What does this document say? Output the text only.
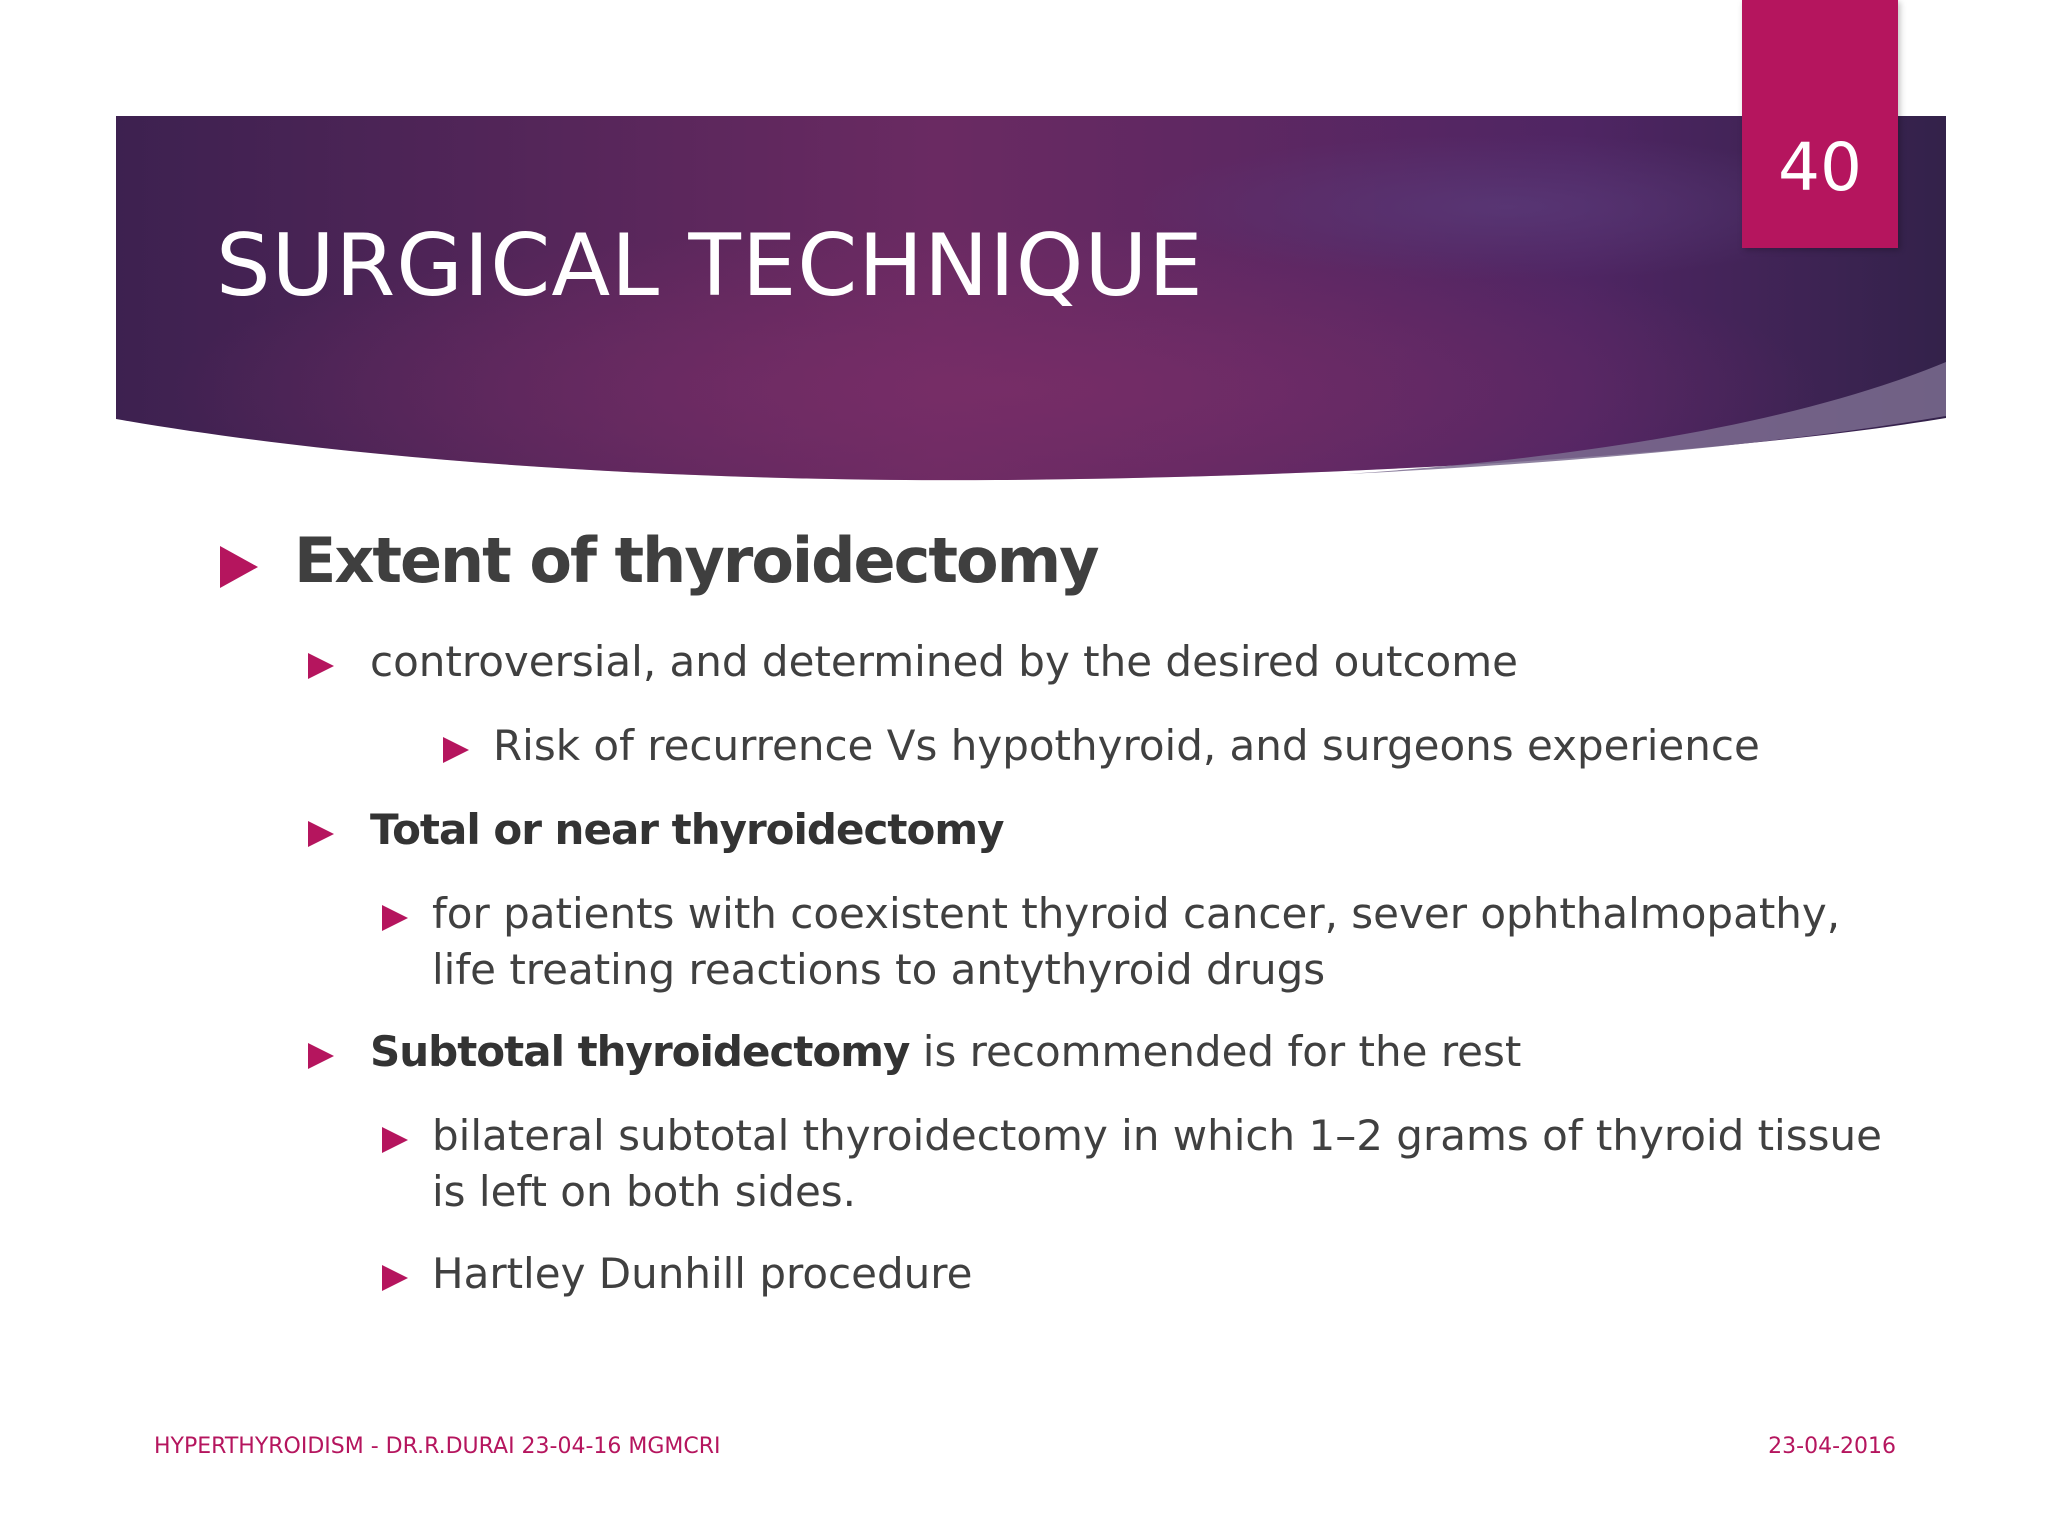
SURGICAL TECHNIQUE
40
Extent of thyroidectomy
controversial, and determined by the desired outcome
Risk of recurrence Vs hypothyroid, and surgeons experience
Total or near thyroidectomy
for patients with coexistent thyroid cancer, sever ophthalmopathy, life treating reactions to antythyroid drugs
Subtotal thyroidectomy is recommended for the rest
bilateral subtotal thyroidectomy in which 1–2 grams of thyroid tissue is left on both sides.
Hartley Dunhill procedure
HYPERTHYROIDISM - DR.R.DURAI 23-04-16 MGMCRI	23-04-2016
